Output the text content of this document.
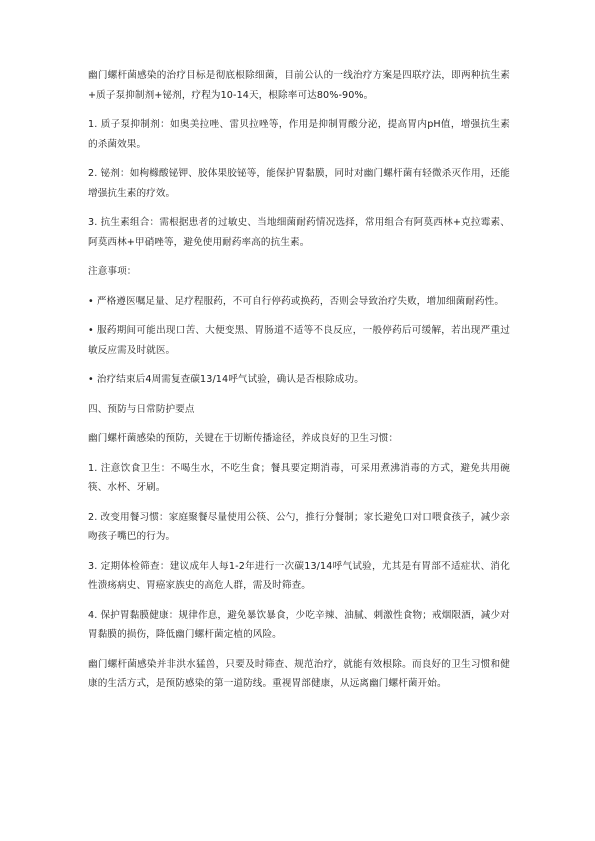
幽门螺杆菌感染的治疗目标是彻底根除细菌，目前公认的一线治疗方案是四联疗法，即两种抗生素+质子泵抑制剂+铋剂，疗程为10-14天，根除率可达80%-90%。

1. 质子泵抑制剂：如奥美拉唑、雷贝拉唑等，作用是抑制胃酸分泌，提高胃内pH值，增强抗生素的杀菌效果。

2. 铋剂：如枸橼酸铋钾、胶体果胶铋等，能保护胃黏膜，同时对幽门螺杆菌有轻微杀灭作用，还能增强抗生素的疗效。

3. 抗生素组合：需根据患者的过敏史、当地细菌耐药情况选择，常用组合有阿莫西林+克拉霉素、阿莫西林+甲硝唑等，避免使用耐药率高的抗生素。

注意事项：

• 严格遵医嘱足量、足疗程服药，不可自行停药或换药，否则会导致治疗失败，增加细菌耐药性。

• 服药期间可能出现口苦、大便变黑、胃肠道不适等不良反应，一般停药后可缓解，若出现严重过敏反应需及时就医。

• 治疗结束后4周需复查碳13/14呼气试验，确认是否根除成功。

四、预防与日常防护要点

幽门螺杆菌感染的预防，关键在于切断传播途径，养成良好的卫生习惯：

1. 注意饮食卫生：不喝生水，不吃生食；餐具要定期消毒，可采用煮沸消毒的方式，避免共用碗筷、水杯、牙刷。

2. 改变用餐习惯：家庭聚餐尽量使用公筷、公勺，推行分餐制；家长避免口对口喂食孩子，减少亲吻孩子嘴巴的行为。

3. 定期体检筛查：建议成年人每1-2年进行一次碳13/14呼气试验，尤其是有胃部不适症状、消化性溃疡病史、胃癌家族史的高危人群，需及时筛查。

4. 保护胃黏膜健康：规律作息，避免暴饮暴食，少吃辛辣、油腻、刺激性食物；戒烟限酒，减少对胃黏膜的损伤，降低幽门螺杆菌定植的风险。

幽门螺杆菌感染并非洪水猛兽，只要及时筛查、规范治疗，就能有效根除。而良好的卫生习惯和健康的生活方式，是预防感染的第一道防线。重视胃部健康，从远离幽门螺杆菌开始。
